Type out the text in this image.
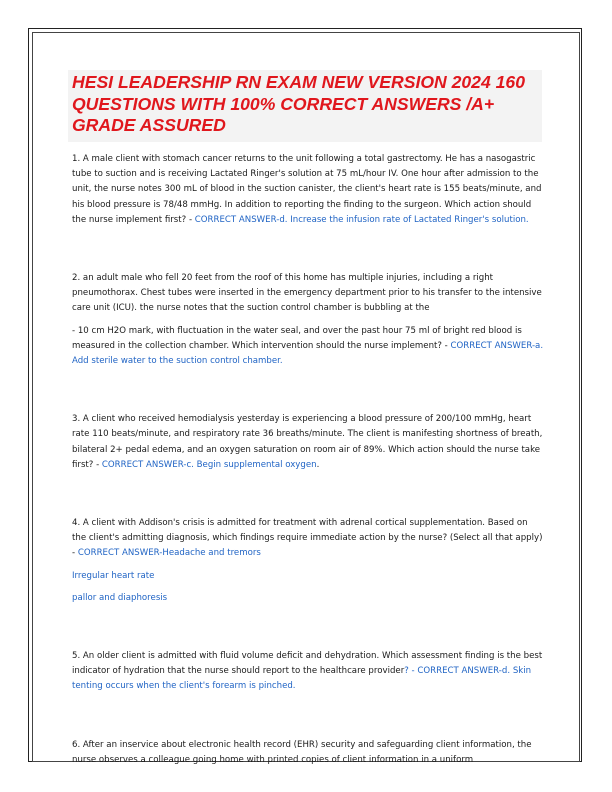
HESI LEADERSHIP RN EXAM NEW VERSION 2024 160 QUESTIONS WITH 100% CORRECT ANSWERS /A+ GRADE ASSURED

1. A male client with stomach cancer returns to the unit following a total gastrectomy. He has a nasogastric tube to suction and is receiving Lactated Ringer's solution at 75 mL/hour IV. One hour after admission to the unit, the nurse notes 300 mL of blood in the suction canister, the client's heart rate is 155 beats/minute, and his blood pressure is 78/48 mmHg. In addition to reporting the finding to the surgeon. Which action should the nurse implement first? - CORRECT ANSWER-d. Increase the infusion rate of Lactated Ringer's solution.

2. an adult male who fell 20 feet from the roof of this home has multiple injuries, including a right pneumothorax. Chest tubes were inserted in the emergency department prior to his transfer to the intensive care unit (ICU). the nurse notes that the suction control chamber is bubbling at the

- 10 cm H2O mark, with fluctuation in the water seal, and over the past hour 75 ml of bright red blood is measured in the collection chamber. Which intervention should the nurse implement? - CORRECT ANSWER-a. Add sterile water to the suction control chamber.

3. A client who received hemodialysis yesterday is experiencing a blood pressure of 200/100 mmHg, heart rate 110 beats/minute, and respiratory rate 36 breaths/minute. The client is manifesting shortness of breath, bilateral 2+ pedal edema, and an oxygen saturation on room air of 89%. Which action should the nurse take first? - CORRECT ANSWER-c. Begin supplemental oxygen.

4. A client with Addison's crisis is admitted for treatment with adrenal cortical supplementation. Based on the client's admitting diagnosis, which findings require immediate action by the nurse? (Select all that apply) - CORRECT ANSWER-Headache and tremors

Irregular heart rate

pallor and diaphoresis

5. An older client is admitted with fluid volume deficit and dehydration. Which assessment finding is the best indicator of hydration that the nurse should report to the healthcare provider? - CORRECT ANSWER-d. Skin tenting occurs when the client's forearm is pinched.

6. After an inservice about electronic health record (EHR) security and safeguarding client information, the nurse observes a colleague going home with printed copies of client information in a uniform
